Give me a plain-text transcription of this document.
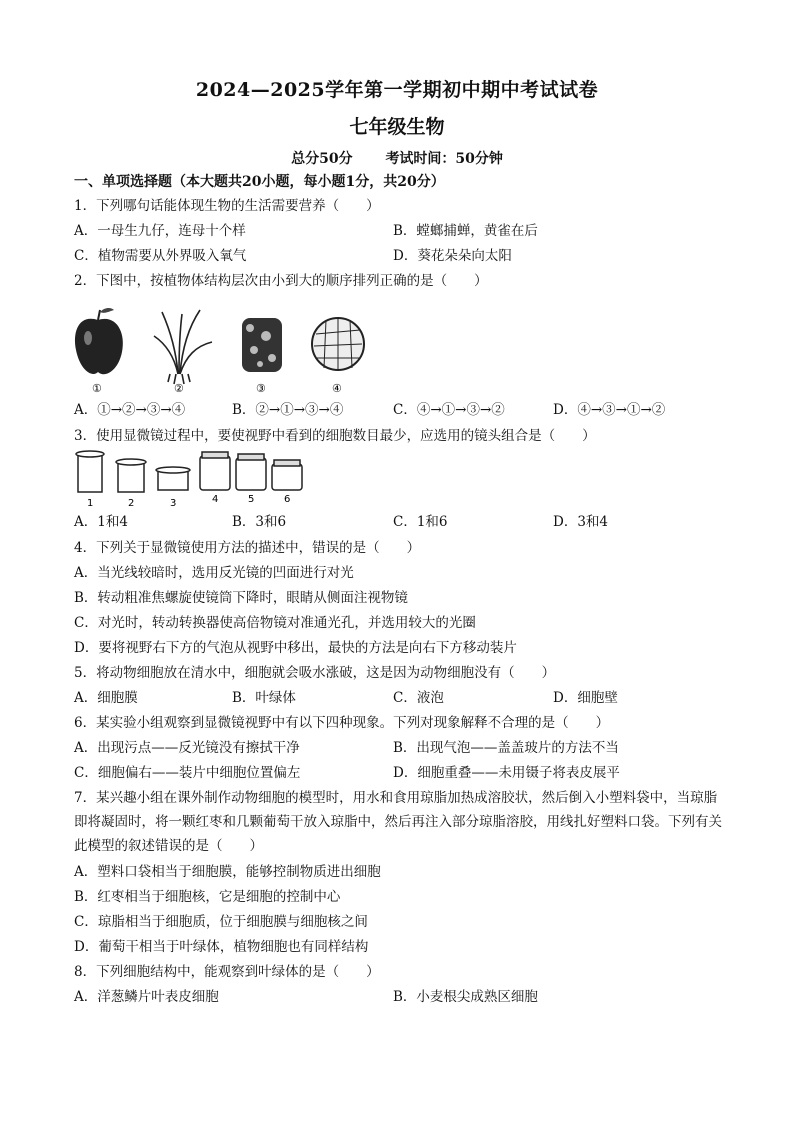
2024—2025学年第一学期初中期中考试试卷
七年级生物
总分50分 考试时间：50分钟
一、单项选择题（本大题共20小题，每小题1分，共20分）
1．下列哪句话能体现生物的生活需要营养（　　）
A．一母生九仔，连母十个样	B．螳螂捕蝉，黄雀在后
C．植物需要从外界吸入氧气	D．葵花朵朵向太阳
2．下图中，按植物体结构层次由小到大的顺序排列正确的是（　　）
①	②	③	④
A．①→②→③→④	B．②→①→③→④	C．④→①→③→②	D．④→③→①→②
3．使用显微镜过程中，要使视野中看到的细胞数目最少，应选用的镜头组合是（　　）
1	2	3	4	5	6
A．1和4	B．3和6	C．1和6	D．3和4
4．下列关于显微镜使用方法的描述中，错误的是（　　）
A．当光线较暗时，选用反光镜的凹面进行对光
B．转动粗准焦螺旋使镜筒下降时，眼睛从侧面注视物镜
C．对光时，转动转换器使高倍物镜对准通光孔，并选用较大的光圈
D．要将视野右下方的气泡从视野中移出，最快的方法是向右下方移动装片
5．将动物细胞放在清水中，细胞就会吸水涨破，这是因为动物细胞没有（　　）
A．细胞膜	B．叶绿体	C．液泡	D．细胞壁
6．某实验小组观察到显微镜视野中有以下四种现象。下列对现象解释不合理的是（　　）
A．出现污点——反光镜没有擦拭干净	B．出现气泡——盖盖玻片的方法不当
C．细胞偏右——装片中细胞位置偏左	D．细胞重叠——未用镊子将表皮展平
7．某兴趣小组在课外制作动物细胞的模型时，用水和食用琼脂加热成溶胶状，然后倒入小塑料袋中，当琼脂即将凝固时，将一颗红枣和几颗葡萄干放入琼脂中，然后再注入部分琼脂溶胶，用线扎好塑料口袋。下列有关此模型的叙述错误的是（　　）
A．塑料口袋相当于细胞膜，能够控制物质进出细胞
B．红枣相当于细胞核，它是细胞的控制中心
C．琼脂相当于细胞质，位于细胞膜与细胞核之间
D．葡萄干相当于叶绿体，植物细胞也有同样结构
8．下列细胞结构中，能观察到叶绿体的是（　　）
A．洋葱鳞片叶表皮细胞	B．小麦根尖成熟区细胞
